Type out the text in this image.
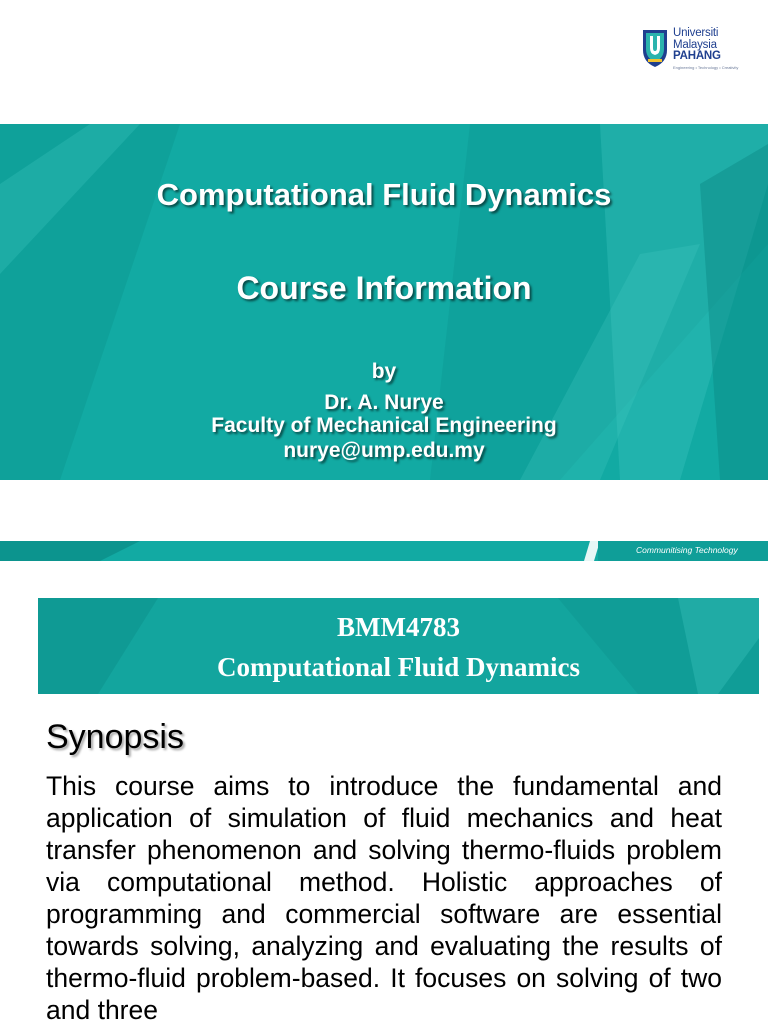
Universiti
Malaysia
PAHANG
Engineering • Technology • Creativity
Computational Fluid Dynamics
Course Information
by
Dr. A. Nurye
Faculty of Mechanical Engineering
nurye@ump.edu.my
Communitising Technology
BMM4783
Computational Fluid Dynamics
Synopsis
This course aims to introduce the fundamental and application of simulation of fluid mechanics and heat transfer phenomenon and solving thermo-fluids problem via computational method. Holistic approaches of programming and commercial software are essential towards solving, analyzing and evaluating the results of thermo-fluid problem-based. It focuses on solving of two and three
